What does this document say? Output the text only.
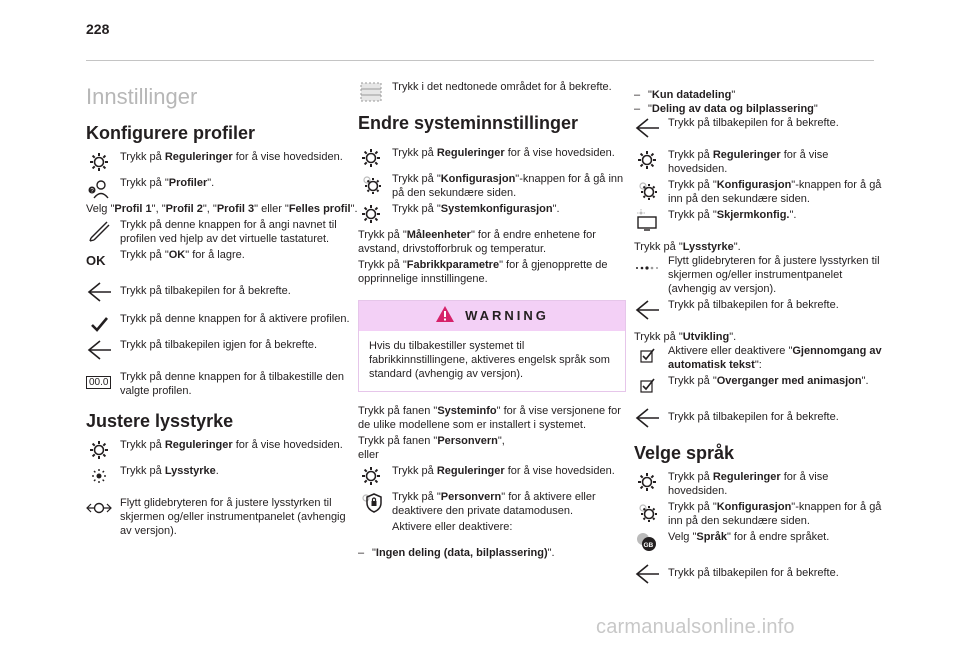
228
Innstillinger
Konfigurere profiler
Trykk på Reguleringer for å vise hovedsiden.
?
Trykk på "Profiler".
Velg "Profil 1", "Profil 2", "Profil 3" eller "Felles profil".
Trykk på denne knappen for å angi navnet til profilen ved hjelp av det virtuelle tastaturet.
OK	Trykk på "OK" for å lagre.
Trykk på tilbakepilen for å bekrefte.
Trykk på denne knappen for å aktivere profilen.
Trykk på tilbakepilen igjen for å bekrefte.
00.0	Trykk på denne knappen for å tilbakestille den valgte profilen.
Justere lysstyrke
Trykk på Reguleringer for å vise hovedsiden.
Trykk på Lysstyrke.
Flytt glidebryteren for å justere lysstyrken til skjermen og/eller instrumentpanelet (avhengig av versjon).
Trykk i det nedtonede området for å bekrefte.
Endre systeminnstillinger
Trykk på Reguleringer for å vise hovedsiden.
Trykk på "Konfigurasjon"-knappen for å gå inn på den sekundære siden.
Trykk på "Systemkonfigurasjon".
Trykk på "Måleenheter" for å endre enhetene for avstand, drivstofforbruk og temperatur.
Trykk på "Fabrikkparametre" for å gjenopprette de opprinnelige innstillingene.
WARNING
Hvis du tilbakestiller systemet til fabrikkinnstillingene, aktiveres engelsk språk som standard (avhengig av versjon).
Trykk på fanen "Systeminfo" for å vise versjonene for de ulike modellene som er installert i systemet.
Trykk på fanen "Personvern",
eller
Trykk på Reguleringer for å vise hovedsiden.
Trykk på "Personvern" for å aktivere eller deaktivere den private datamodusen.
Aktivere eller deaktivere:
– "Ingen deling (data, bilplassering)".
– "Kun datadeling"
– "Deling av data og bilplassering"
Trykk på tilbakepilen for å bekrefte.
Trykk på Reguleringer for å vise hovedsiden.
Trykk på "Konfigurasjon"-knappen for å gå inn på den sekundære siden.
Trykk på "Skjermkonfig.".
Trykk på "Lysstyrke".
Flytt glidebryteren for å justere lysstyrken til skjermen og/eller instrumentpanelet (avhengig av versjon).
Trykk på tilbakepilen for å bekrefte.
Trykk på "Utvikling".
Aktivere eller deaktivere "Gjennomgang av automatisk tekst":
Trykk på "Overganger med animasjon".
Trykk på tilbakepilen for å bekrefte.
Velge språk
Trykk på Reguleringer for å vise hovedsiden.
Trykk på "Konfigurasjon"-knappen for å gå inn på den sekundære siden.
GB
Velg "Språk" for å endre språket.
Trykk på tilbakepilen for å bekrefte.
carmanualsonline.info
